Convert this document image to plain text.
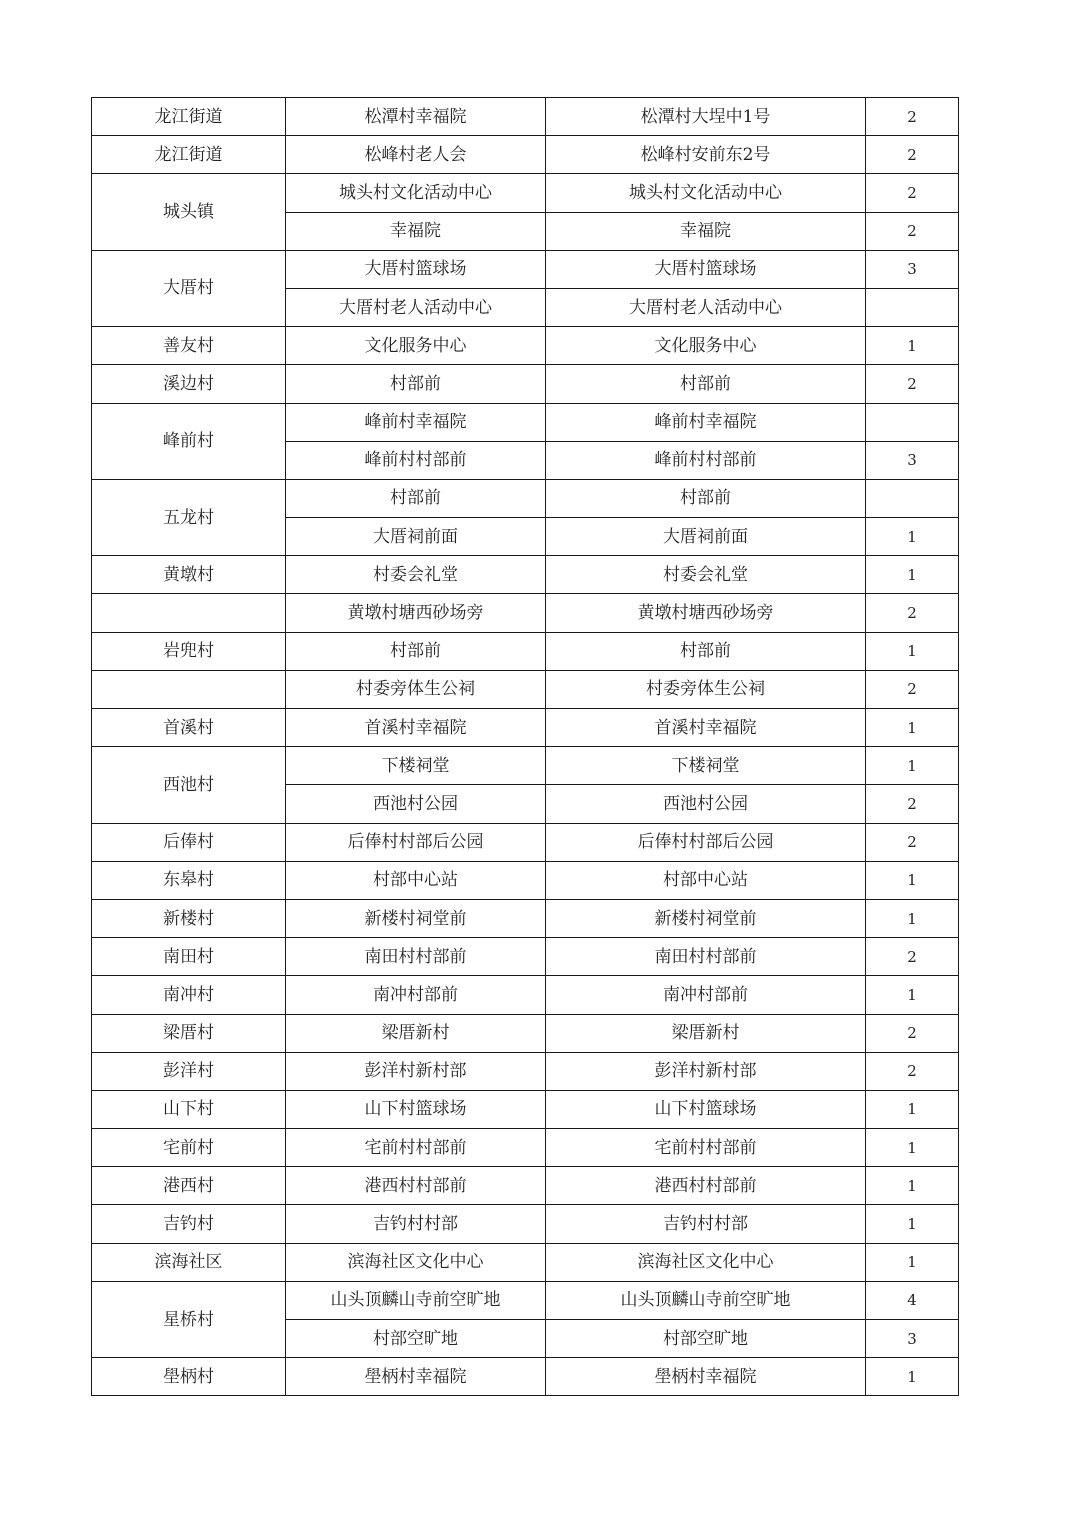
龙江街道	松潭村幸福院	松潭村大埕中1号	2
龙江街道	松峰村老人会	松峰村安前东2号	2
城头镇	城头村文化活动中心	城头村文化活动中心	2
	幸福院	幸福院	2
大厝村	大厝村篮球场	大厝村篮球场	3
	大厝村老人活动中心	大厝村老人活动中心	
善友村	文化服务中心	文化服务中心	1
溪边村	村部前	村部前	2
峰前村	峰前村幸福院	峰前村幸福院	
	峰前村村部前	峰前村村部前	3
五龙村	村部前	村部前	
	大厝祠前面	大厝祠前面	1
黄墩村	村委会礼堂	村委会礼堂	1
	黄墩村塘西砂场旁	黄墩村塘西砂场旁	2
岩兜村	村部前	村部前	1
	村委旁体生公祠	村委旁体生公祠	2
首溪村	首溪村幸福院	首溪村幸福院	1
西池村	下楼祠堂	下楼祠堂	1
	西池村公园	西池村公园	2
后俸村	后俸村村部后公园	后俸村村部后公园	2
东皋村	村部中心站	村部中心站	1
新楼村	新楼村祠堂前	新楼村祠堂前	1
南田村	南田村村部前	南田村村部前	2
南冲村	南冲村部前	南冲村部前	1
梁厝村	梁厝新村	梁厝新村	2
彭洋村	彭洋村新村部	彭洋村新村部	2
山下村	山下村篮球场	山下村篮球场	1
宅前村	宅前村村部前	宅前村村部前	1
港西村	港西村村部前	港西村村部前	1
吉钓村	吉钓村村部	吉钓村村部	1
滨海社区	滨海社区文化中心	滨海社区文化中心	1
星桥村	山头顶麟山寺前空旷地	山头顶麟山寺前空旷地	4
	村部空旷地	村部空旷地	3
壆柄村	壆柄村幸福院	壆柄村幸福院	1
